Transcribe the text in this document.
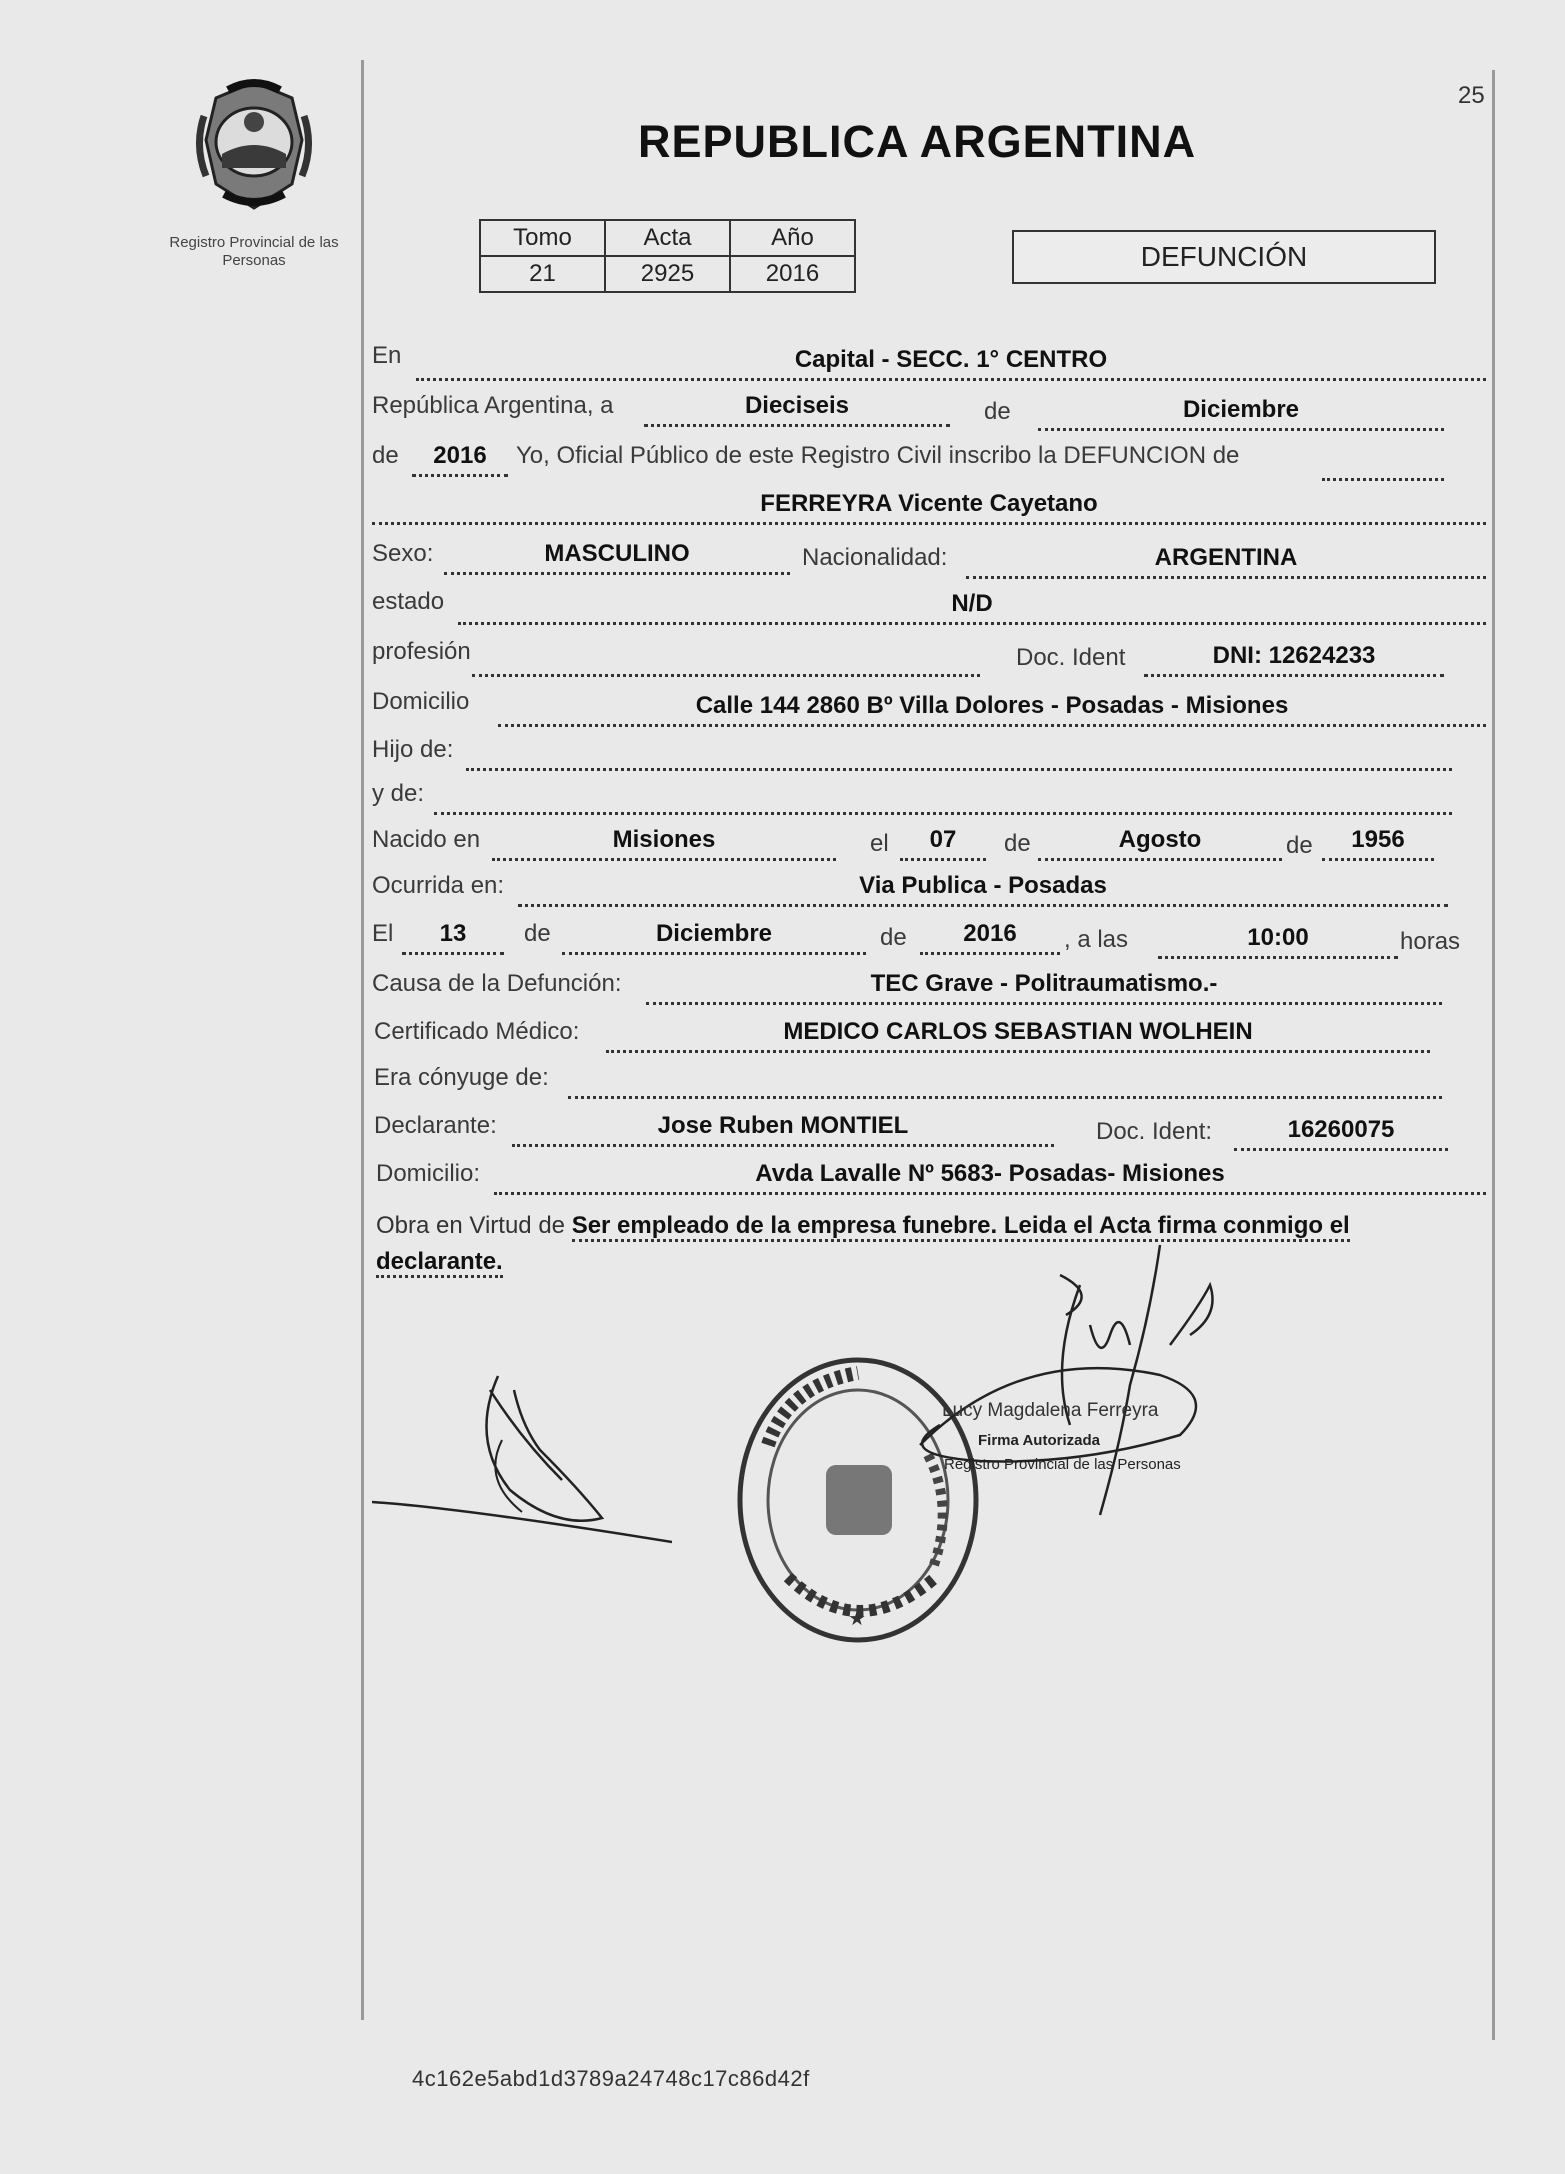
25
Registro Provincial de las Personas
REPUBLICA ARGENTINA
Tomo	Acta	Año
21	2925	2016
DEFUNCIÓN
En	Capital - SECC. 1° CENTRO
República Argentina, a	Dieciseis	de	Diciembre
de	2016	Yo, Oficial Público de este Registro Civil inscribo la DEFUNCION de
FERREYRA Vicente Cayetano
Sexo:	MASCULINO	Nacionalidad:	ARGENTINA
estado	N/D
profesión	Doc. Ident	DNI: 12624233
Domicilio	Calle 144 2860 Bº Villa Dolores - Posadas - Misiones
Hijo de:
y de:
Nacido en	Misiones	el	07	de	Agosto	de	1956
Ocurrida en:	Via Publica - Posadas
El	13	de	Diciembre	de	2016	, a las	10:00	horas
Causa de la Defunción:	TEC Grave - Politraumatismo.-
Certificado Médico:	MEDICO CARLOS SEBASTIAN WOLHEIN
Era cónyuge de:
Declarante:	Jose Ruben MONTIEL	Doc. Ident:	16260075
Domicilio:	Avda Lavalle Nº 5683- Posadas- Misiones
Obra en Virtud de Ser empleado de la empresa funebre. Leida el Acta firma conmigo el declarante.
★
Lucy Magdalena Ferreyra
Firma Autorizada
Registro Provincial de las Personas
4c162e5abd1d3789a24748c17c86d42f
